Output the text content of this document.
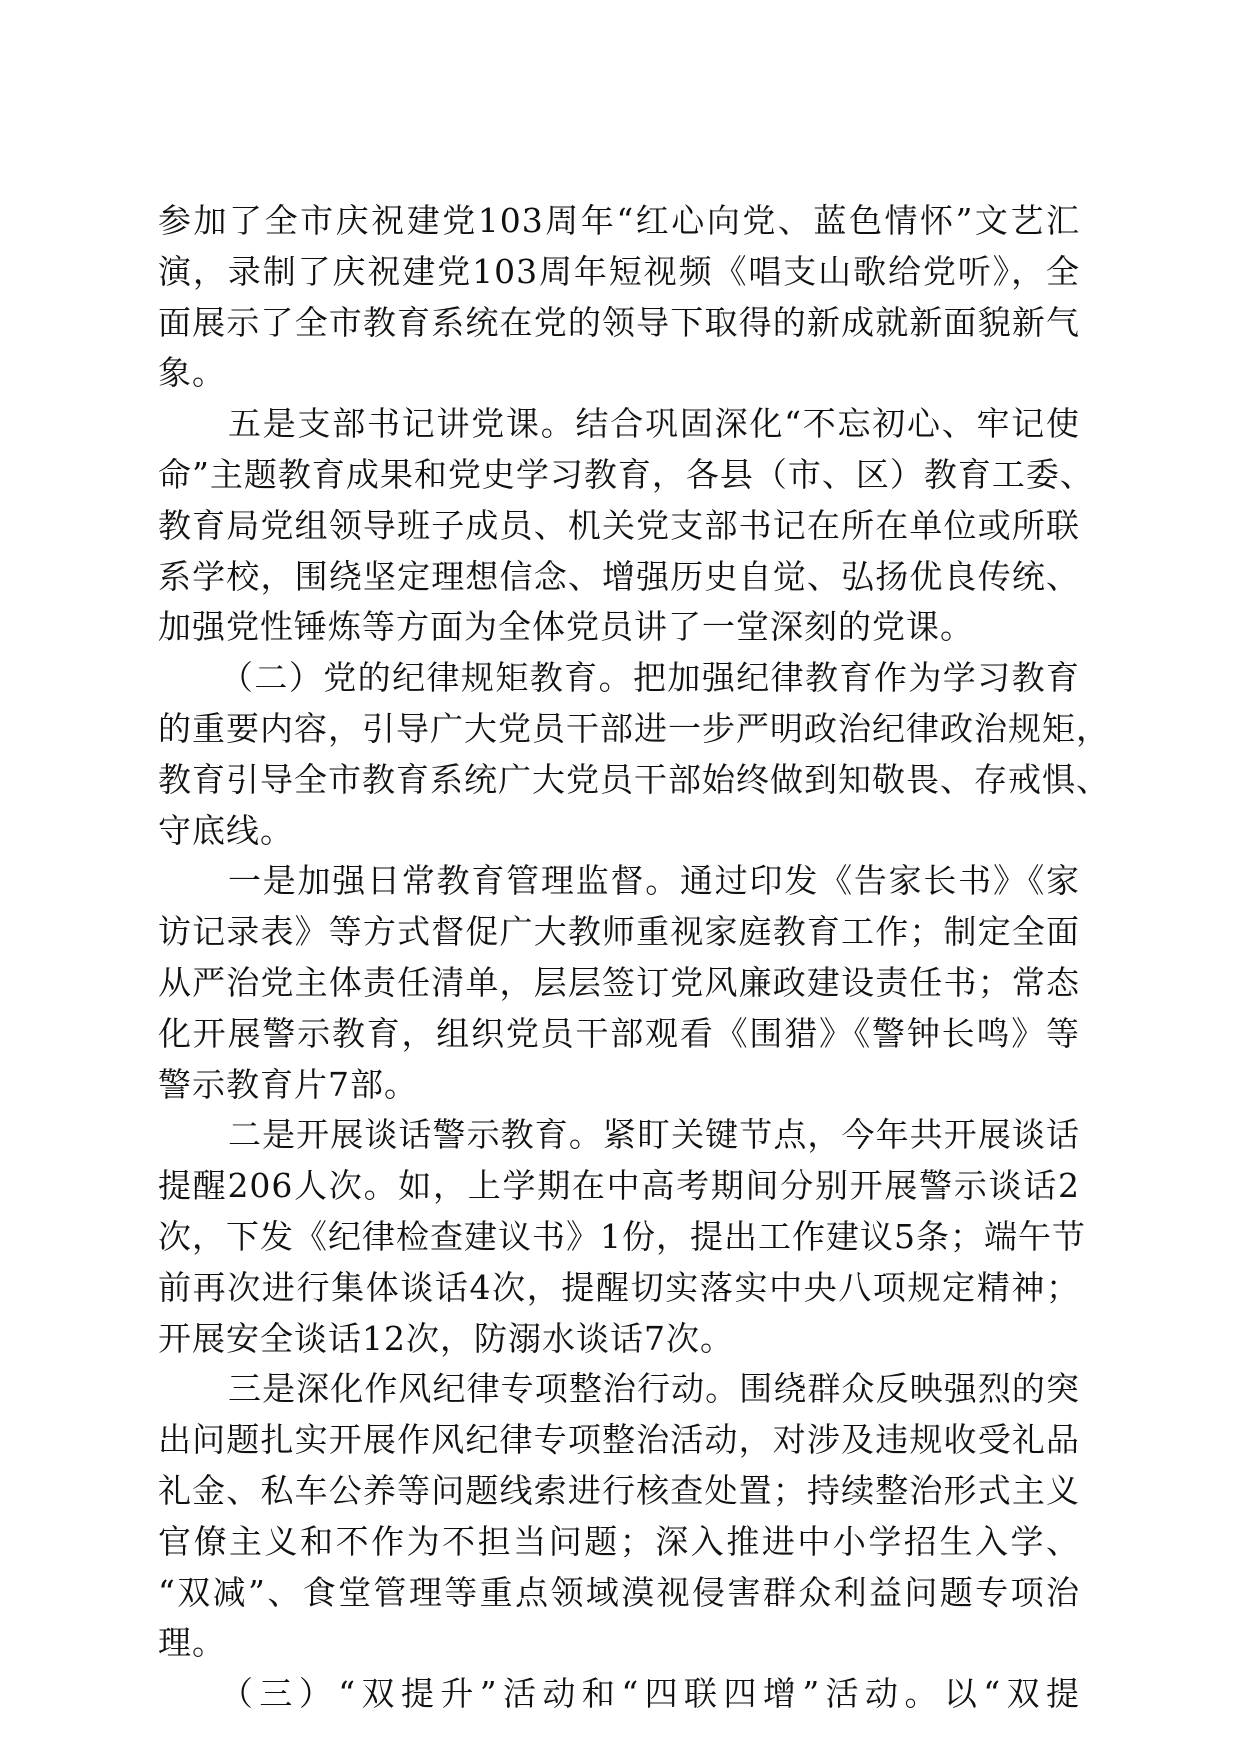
参加了全市庆祝建党103周年“红心向党、蓝色情怀”文艺汇
演，录制了庆祝建党103周年短视频《唱支山歌给党听》，全
面展示了全市教育系统在党的领导下取得的新成就新面貌新气
象。
五是支部书记讲党课。结合巩固深化“不忘初心、牢记使
命”主题教育成果和党史学习教育，各县（市、区）教育工委、
教育局党组领导班子成员、机关党支部书记在所在单位或所联
系学校，围绕坚定理想信念、增强历史自觉、弘扬优良传统、
加强党性锤炼等方面为全体党员讲了一堂深刻的党课。
（二）党的纪律规矩教育。把加强纪律教育作为学习教育
的重要内容，引导广大党员干部进一步严明政治纪律政治规矩，
教育引导全市教育系统广大党员干部始终做到知敬畏、存戒惧、
守底线。
一是加强日常教育管理监督。通过印发《告家长书》《家
访记录表》等方式督促广大教师重视家庭教育工作；制定全面
从严治党主体责任清单，层层签订党风廉政建设责任书；常态
化开展警示教育，组织党员干部观看《围猎》《警钟长鸣》等
警示教育片7部。
二是开展谈话警示教育。紧盯关键节点，今年共开展谈话
提醒206人次。如，上学期在中高考期间分别开展警示谈话2
次，下发《纪律检查建议书》1份，提出工作建议5条；端午节
前再次进行集体谈话4次，提醒切实落实中央八项规定精神；
开展安全谈话12次，防溺水谈话7次。
三是深化作风纪律专项整治行动。围绕群众反映强烈的突
出问题扎实开展作风纪律专项整治活动，对涉及违规收受礼品
礼金、私车公养等问题线索进行核查处置；持续整治形式主义
官僚主义和不作为不担当问题；深入推进中小学招生入学、
“双减”、食堂管理等重点领域漠视侵害群众利益问题专项治
理。
（三）“双提升”活动和“四联四增”活动。以“双提
